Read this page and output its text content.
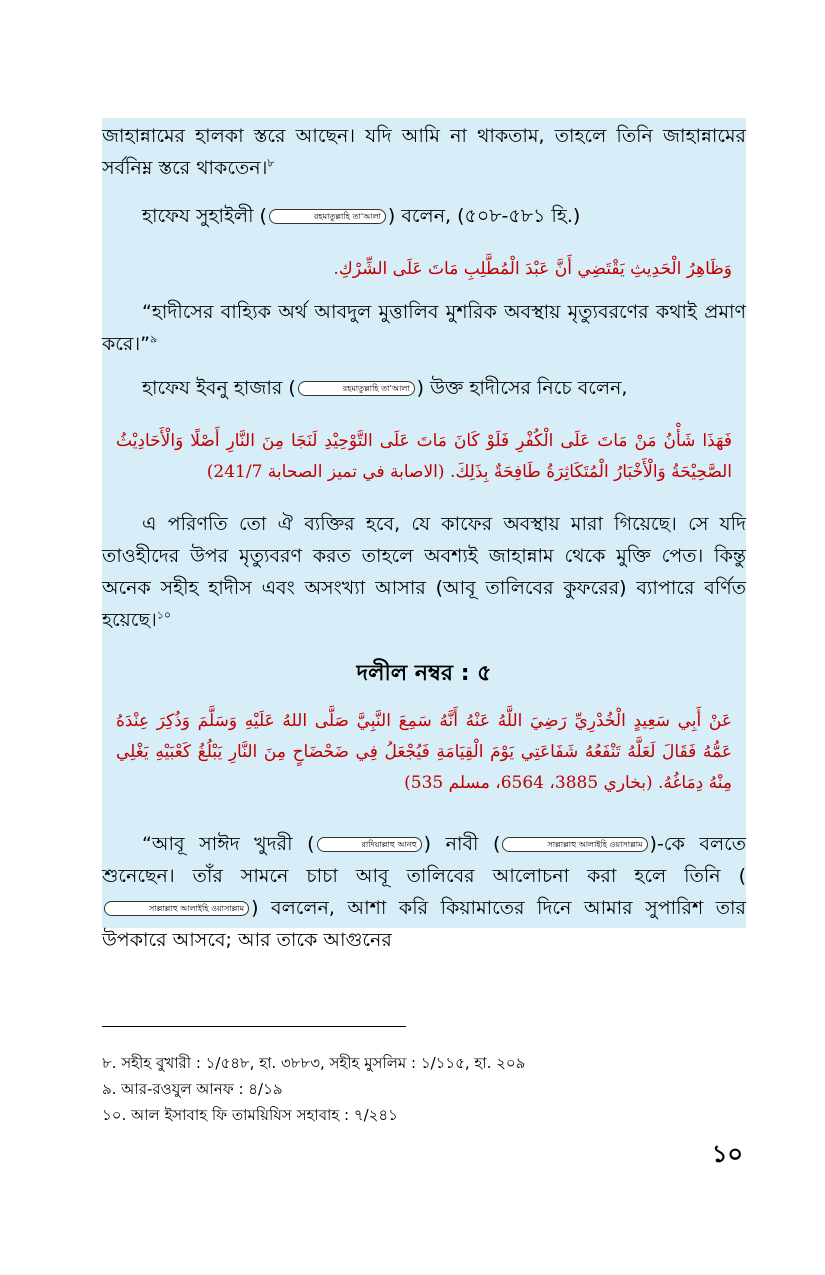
জাহান্নামের হালকা স্তরে আছেন। যদি আমি না থাকতাম, তাহলে তিনি জাহান্নামের সর্বনিম্ন স্তরে থাকতেন।$^৮$
হাফেয সুহাইলী (	রহমাতুল্লাহি তা‘আলা ) বলেন, (৫০৮-৫৮১ হি.)
وَظَاهِرُ الْحَدِيثِ يَقْتَضِي أَنَّ عَبْدَ الْمُطَّلِبِ مَاتَ عَلَى الشِّرْكِ.
“হাদীসের বাহ্যিক অর্থ আবদুল মুত্তালিব মুশরিক অবস্থায় মৃত্যুবরণের কথাই প্রমাণ করে।”$^৯$
হাফেয ইবনু হাজার (	রহমাতুল্লাহি তা‘আলা ) উক্ত হাদীসের নিচে বলেন,
فَهَذَا شَأْنُ مَنْ مَاتَ عَلَى الْكُفْرِ فَلَوْ كَانَ مَاتَ عَلَى التَّوْحِيْدِ لَنَجَا مِنَ النَّارِ أَصْلًا وَالْأَحَادِيْثُ الصَّحِيْحَةُ وَالْأَخْبَارُ الْمُتَكَاثِرَةُ طَافِحَةٌ بِذَلِكَ. (الاصابة في تميز الصحابة 241/7)
এ পরিণতি তো ঐ ব্যক্তির হবে, যে কাফের অবস্থায় মারা গিয়েছে। সে যদি তাওহীদের উপর মৃত্যুবরণ করত তাহলে অবশ্যই জাহান্নাম থেকে মুক্তি পেত। কিন্তু অনেক সহীহ হাদীস এবং অসংখ্যা আসার (আবূ তালিবের কুফরের) ব্যাপারে বর্ণিত হয়েছে।$^{১০}$
দলীল নম্বর : ৫
عَنْ أَبِي سَعِيدٍ الْخُدْرِيِّ رَضِيَ اللَّهُ عَنْهُ أَنَّهُ سَمِعَ النَّبِيَّ صَلَّى اللهُ عَلَيْهِ وَسَلَّمَ وَذُكِرَ عِنْدَهُ عَمُّهُ فَقَالَ لَعَلَّهُ تَنْفَعُهُ شَفَاعَتِي يَوْمَ الْقِيَامَةِ فَيُجْعَلُ فِي ضَحْضَاحٍ مِنَ النَّارِ يَبْلُغُ كَعْبَيْهِ يَغْلِي مِنْهُ دِمَاغُهُ. (بخاري 3885، 6564، مسلم 535)
“আবূ সাঈদ খুদরী (	রাদিয়াল্লাহু আনহু ) নাবী (	সাল্লাল্লাহু আলাইহি ওয়াসাল্লাম )-কে বলতে শুনেছেন। তাঁর সামনে চাচা আবূ তালিবের আলোচনা করা হলে তিনি (সাল্লাল্লাহু আলাইহি ওয়াসাল্লাম ) বললেন, আশা করি কিয়ামাতের দিনে আমার সুপারিশ তার উপকারে আসবে; আর তাকে আগুনের
৮. সহীহ বুখারী : ১/৫৪৮, হা. ৩৮৮৩, সহীহ মুসলিম : ১/১১৫, হা. ২০৯
৯. আর-রওযুল আনফ : ৪/১৯
১০. আল ইসাবাহ ফি তাময়িযিস সহাবাহ : ৭/২৪১
১০
